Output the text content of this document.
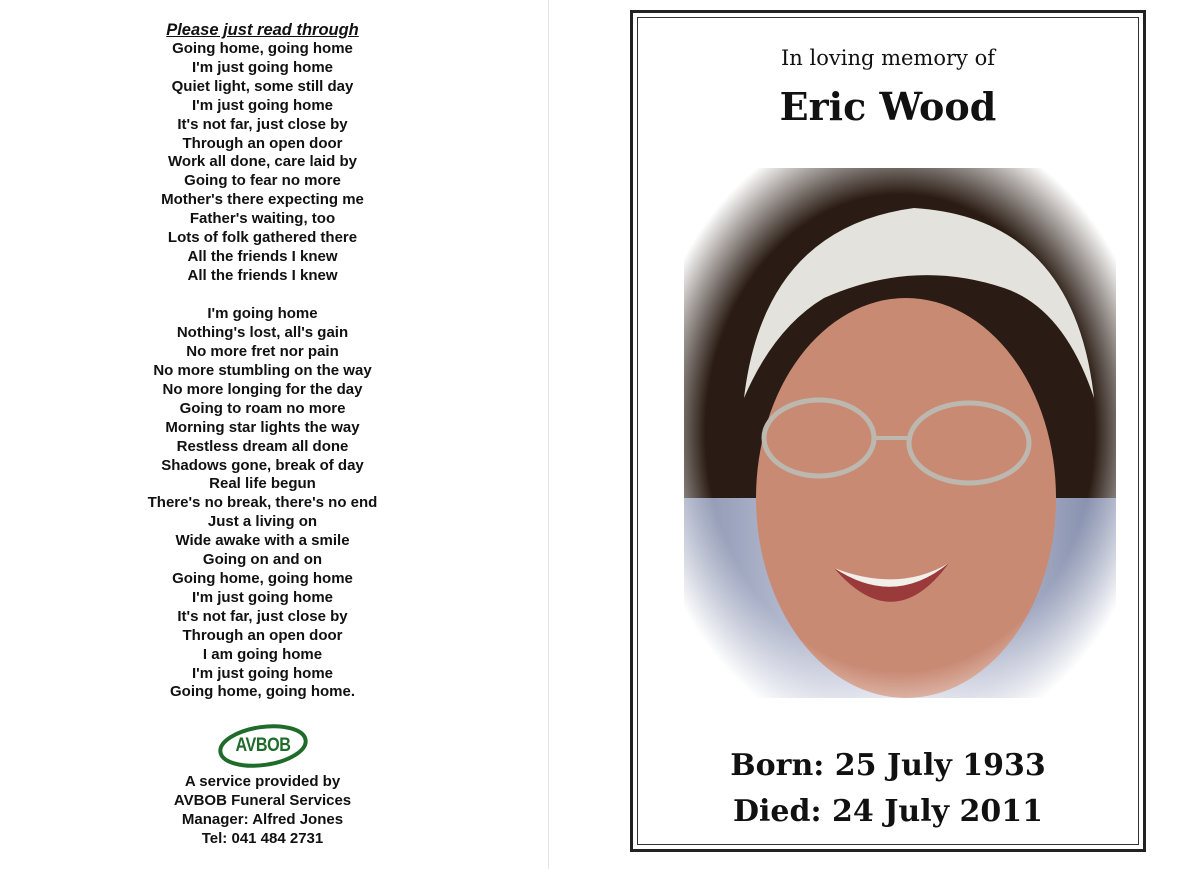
Please just read through
Going home, going home
I'm just going home
Quiet light, some still day
I'm just going home
It's not far, just close by
Through an open door
Work all done, care laid by
Going to fear no more
Mother's there expecting me
Father's waiting, too
Lots of folk gathered there
All the friends I knew
All the friends I knew
I'm going home
Nothing's lost, all's gain
No more fret nor pain
No more stumbling on the way
No more longing for the day
Going to roam no more
Morning star lights the way
Restless dream all done
Shadows gone, break of day
Real life begun
There's no break, there's no end
Just a living on
Wide awake with a smile
Going on and on
Going home, going home
I'm just going home
It's not far, just close by
Through an open door
I am going home
I'm just going home
Going home, going home.
AVBOB
A service provided by
AVBOB Funeral Services
Manager: Alfred Jones
Tel: 041 484 2731
In loving memory of
Eric Wood
Born: 25 July 1933
Died: 24 July 2011
